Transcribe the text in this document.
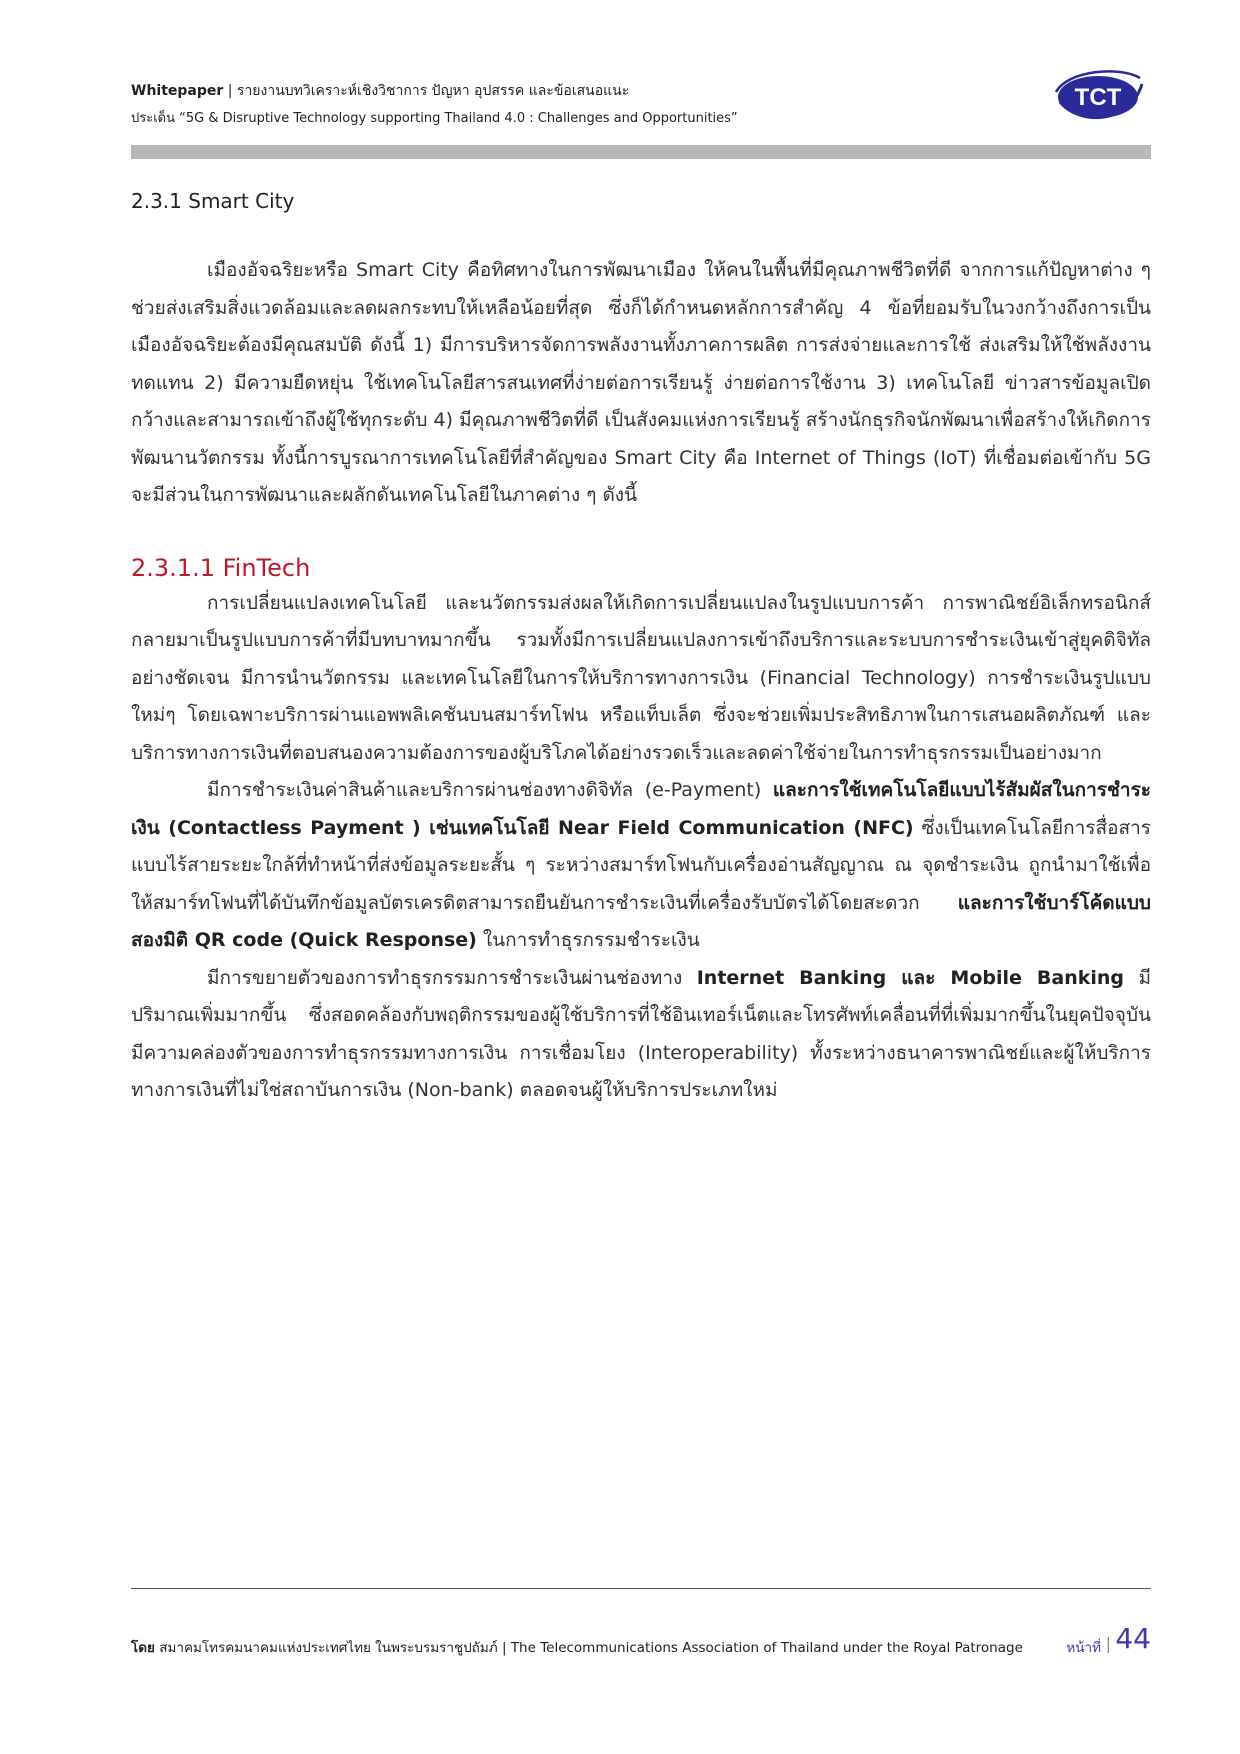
Whitepaper | รายงานบทวิเคราะห์เชิงวิชาการ ปัญหา อุปสรรค และข้อเสนอแนะ
ประเด็น “5G & Disruptive Technology supporting Thailand 4.0 : Challenges and Opportunities”
TCT
2.3.1 Smart City

เมืองอัจฉริยะหรือ Smart City คือทิศทางในการพัฒนาเมือง ให้คนในพื้นที่มีคุณภาพชีวิตที่ดี จากการแก้ปัญหาต่าง ๆ ช่วยส่งเสริมสิ่งแวดล้อมและลดผลกระทบให้เหลือน้อยที่สุด ซึ่งก็ได้กำหนดหลักการสำคัญ 4 ข้อที่ยอมรับในวงกว้างถึงการเป็นเมืองอัจฉริยะต้องมีคุณสมบัติ ดังนี้ 1) มีการบริหารจัดการพลังงานทั้งภาคการผลิต การส่งจ่ายและการใช้ ส่งเสริมให้ใช้พลังงานทดแทน 2) มีความยืดหยุ่น ใช้เทคโนโลยีสารสนเทศที่ง่ายต่อการเรียนรู้ ง่ายต่อการใช้งาน 3) เทคโนโลยี ข่าวสารข้อมูลเปิดกว้างและสามารถเข้าถึงผู้ใช้ทุกระดับ 4) มีคุณภาพชีวิตที่ดี เป็นสังคมแห่งการเรียนรู้ สร้างนักธุรกิจนักพัฒนาเพื่อสร้างให้เกิดการพัฒนานวัตกรรม ทั้งนี้การบูรณาการเทคโนโลยีที่สำคัญของ Smart City คือ Internet of Things (IoT) ที่เชื่อมต่อเข้ากับ 5G จะมีส่วนในการพัฒนาและผลักดันเทคโนโลยีในภาคต่าง ๆ ดังนี้

2.3.1.1 FinTech

การเปลี่ยนแปลงเทคโนโลยี และนวัตกรรมส่งผลให้เกิดการเปลี่ยนแปลงในรูปแบบการค้า การพาณิชย์อิเล็กทรอนิกส์กลายมาเป็นรูปแบบการค้าที่มีบทบาทมากขึ้น รวมทั้งมีการเปลี่ยนแปลงการเข้าถึงบริการและระบบการชำระเงินเข้าสู่ยุคดิจิทัลอย่างชัดเจน มีการนำนวัตกรรม และเทคโนโลยีในการให้บริการทางการเงิน (Financial Technology) การชำระเงินรูปแบบใหม่ๆ โดยเฉพาะบริการผ่านแอพพลิเคชันบนสมาร์ทโฟน หรือแท็บเล็ต ซึ่งจะช่วยเพิ่มประสิทธิภาพในการเสนอผลิตภัณฑ์ และบริการทางการเงินที่ตอบสนองความต้องการของผู้บริโภคได้อย่างรวดเร็วและลดค่าใช้จ่ายในการทำธุรกรรมเป็นอย่างมาก

มีการชำระเงินค่าสินค้าและบริการผ่านช่องทางดิจิทัล (e-Payment) และการใช้เทคโนโลยีแบบไร้สัมผัสในการชำระเงิน (Contactless Payment ) เช่นเทคโนโลยี Near Field Communication (NFC) ซึ่งเป็นเทคโนโลยีการสื่อสารแบบไร้สายระยะใกล้ที่ทำหน้าที่ส่งข้อมูลระยะสั้น ๆ ระหว่างสมาร์ทโฟนกับเครื่องอ่านสัญญาณ ณ จุดชำระเงิน ถูกนำมาใช้เพื่อให้สมาร์ทโฟนที่ได้บันทึกข้อมูลบัตรเครดิตสามารถยืนยันการชำระเงินที่เครื่องรับบัตรได้โดยสะดวก และการใช้บาร์โค้ดแบบสองมิติ QR code (Quick Response) ในการทำธุรกรรมชำระเงิน

มีการขยายตัวของการทำธุรกรรมการชำระเงินผ่านช่องทาง Internet Banking และ Mobile Banking มีปริมาณเพิ่มมากขึ้น ซึ่งสอดคล้องกับพฤติกรรมของผู้ใช้บริการที่ใช้อินเทอร์เน็ตและโทรศัพท์เคลื่อนที่ที่เพิ่มมากขึ้นในยุคปัจจุบัน มีความคล่องตัวของการทำธุรกรรมทางการเงิน การเชื่อมโยง (Interoperability) ทั้งระหว่างธนาคารพาณิชย์และผู้ให้บริการทางการเงินที่ไม่ใช่สถาบันการเงิน (Non-bank) ตลอดจนผู้ให้บริการประเภทใหม่

โดย สมาคมโทรคมนาคมแห่งประเทศไทย ในพระบรมราชูปถัมภ์ | The Telecommunications Association of Thailand under the Royal Patronage	หน้าที่ | 44
